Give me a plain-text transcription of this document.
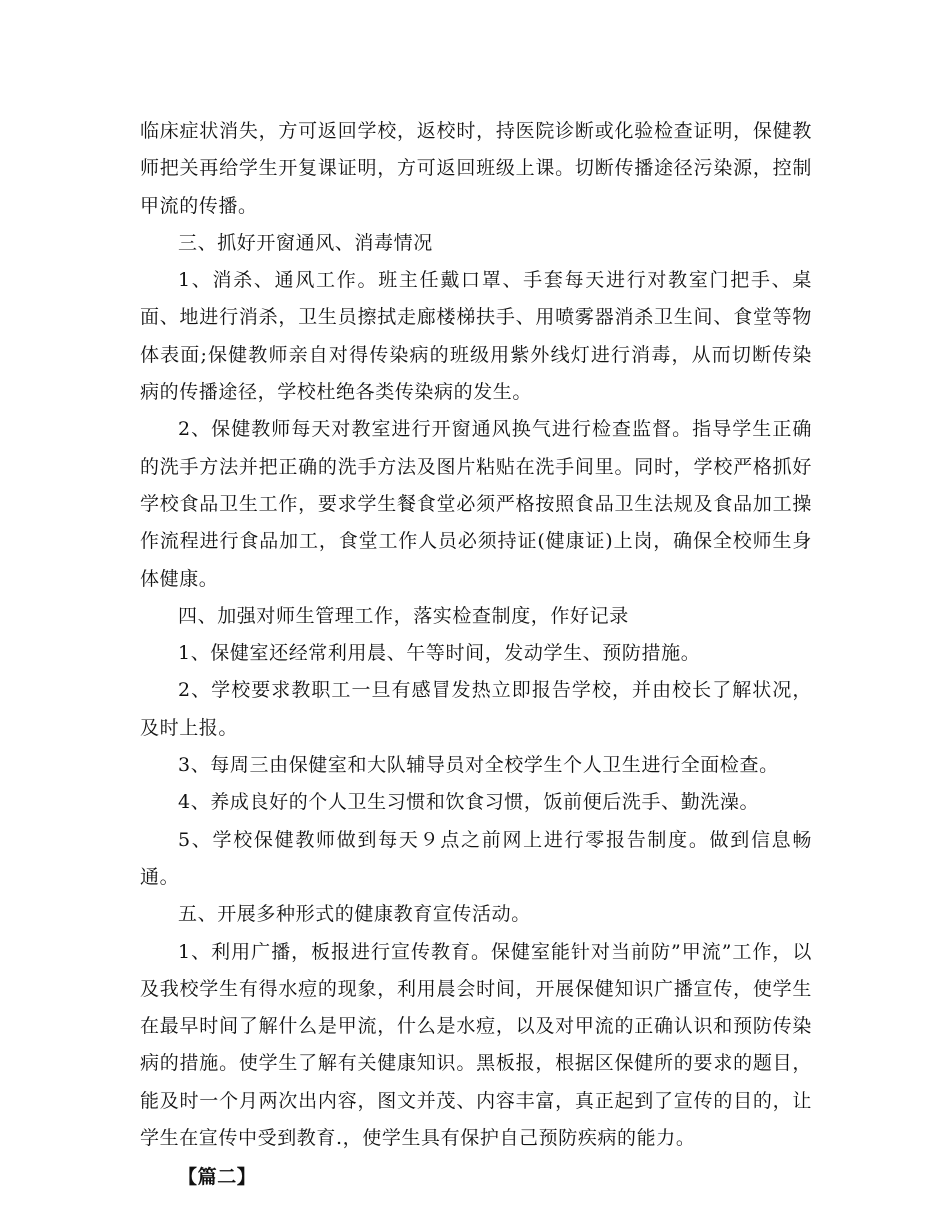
临床症状消失，方可返回学校，返校时，持医院诊断或化验检查证明，保健教师把关再给学生开复课证明，方可返回班级上课。切断传播途径污染源，控制甲流的传播。

三、抓好开窗通风、消毒情况

1、消杀、通风工作。班主任戴口罩、手套每天进行对教室门把手、桌面、地进行消杀，卫生员擦拭走廊楼梯扶手、用喷雾器消杀卫生间、食堂等物体表面;保健教师亲自对得传染病的班级用紫外线灯进行消毒，从而切断传染病的传播途径，学校杜绝各类传染病的发生。

2、保健教师每天对教室进行开窗通风换气进行检查监督。指导学生正确的洗手方法并把正确的洗手方法及图片粘贴在洗手间里。同时，学校严格抓好学校食品卫生工作，要求学生餐食堂必须严格按照食品卫生法规及食品加工操作流程进行食品加工，食堂工作人员必须持证(健康证)上岗，确保全校师生身体健康。

四、加强对师生管理工作，落实检查制度，作好记录

1、保健室还经常利用晨、午等时间，发动学生、预防措施。

2、学校要求教职工一旦有感冒发热立即报告学校，并由校长了解状况，及时上报。

3、每周三由保健室和大队辅导员对全校学生个人卫生进行全面检查。

4、养成良好的个人卫生习惯和饮食习惯，饭前便后洗手、勤洗澡。

5、学校保健教师做到每天９点之前网上进行零报告制度。做到信息畅通。

五、开展多种形式的健康教育宣传活动。

1、利用广播，板报进行宣传教育。保健室能针对当前防”甲流”工作，以及我校学生有得水痘的现象，利用晨会时间，开展保健知识广播宣传，使学生在最早时间了解什么是甲流，什么是水痘，以及对甲流的正确认识和预防传染病的措施。使学生了解有关健康知识。黑板报，根据区保健所的要求的题目，能及时一个月两次出内容，图文并茂、内容丰富，真正起到了宣传的目的，让学生在宣传中受到教育.，使学生具有保护自己预防疾病的能力。

【篇二】
